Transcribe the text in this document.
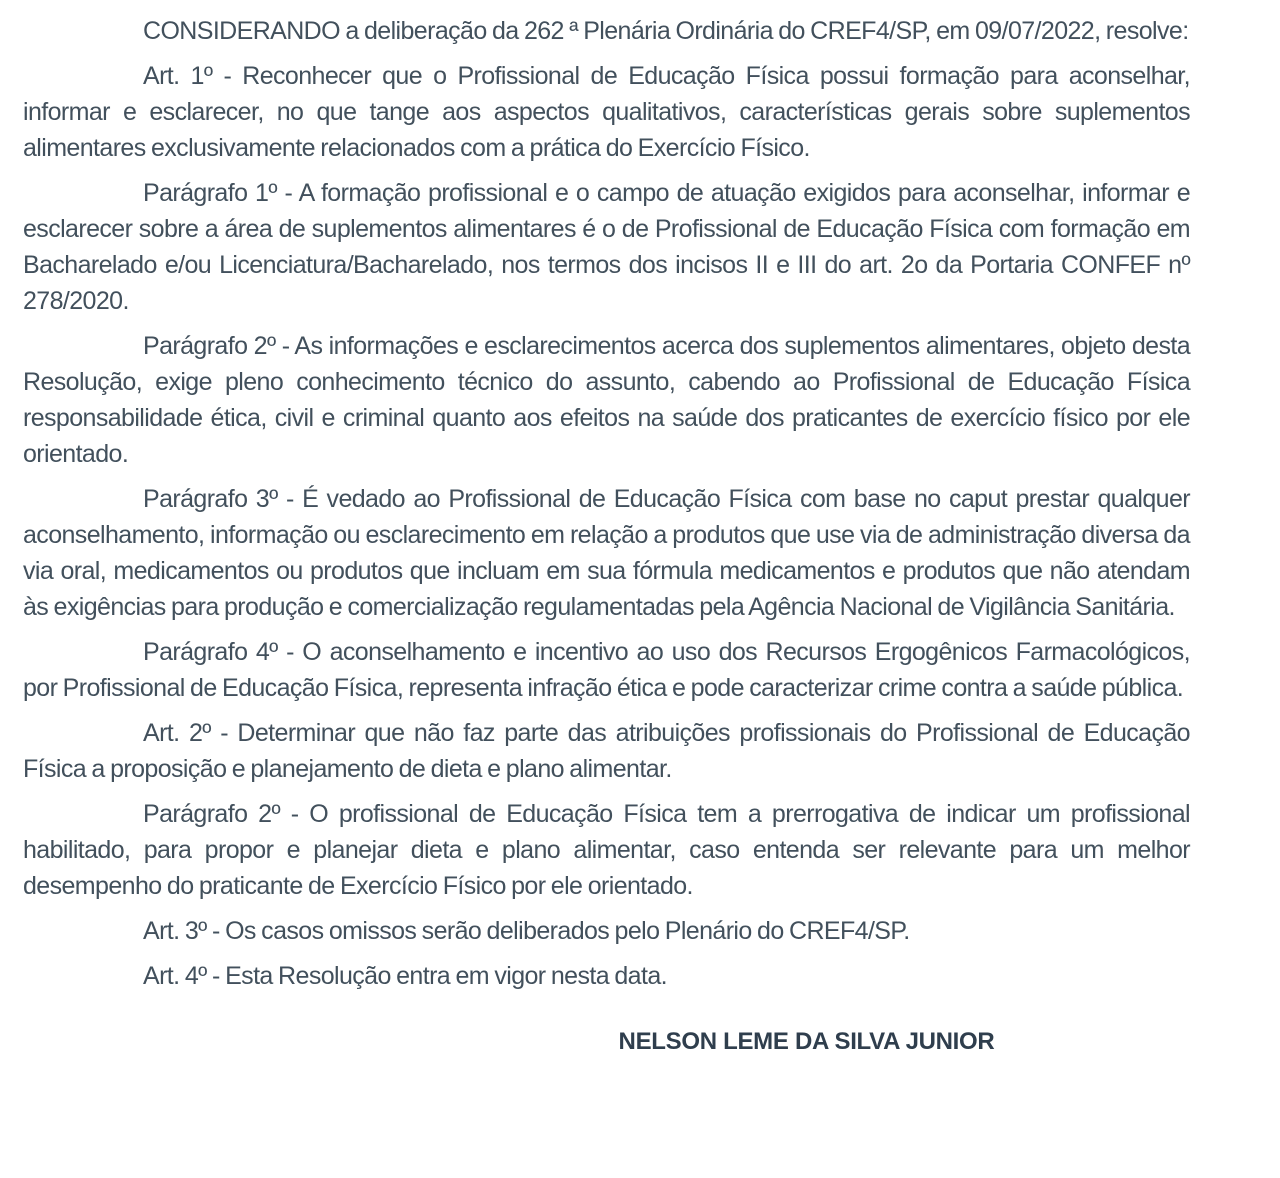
CONSIDERANDO a deliberação da 262 ª Plenária Ordinária do CREF4/SP, em 09/07/2022, resolve:

Art. 1º - Reconhecer que o Profissional de Educação Física possui formação para aconselhar, informar e esclarecer, no que tange aos aspectos qualitativos, características gerais sobre suplementos alimentares exclusivamente relacionados com a prática do Exercício Físico.

Parágrafo 1º - A formação profissional e o campo de atuação exigidos para aconselhar, informar e esclarecer sobre a área de suplementos alimentares é o de Profissional de Educação Física com formação em Bacharelado e/ou Licenciatura/Bacharelado, nos termos dos incisos II e III do art. 2o da Portaria CONFEF nº 278/2020.

Parágrafo 2º - As informações e esclarecimentos acerca dos suplementos alimentares, objeto desta Resolução, exige pleno conhecimento técnico do assunto, cabendo ao Profissional de Educação Física responsabilidade ética, civil e criminal quanto aos efeitos na saúde dos praticantes de exercício físico por ele orientado.

Parágrafo 3º - É vedado ao Profissional de Educação Física com base no caput prestar qualquer aconselhamento, informação ou esclarecimento em relação a produtos que use via de administração diversa da via oral, medicamentos ou produtos que incluam em sua fórmula medicamentos e produtos que não atendam às exigências para produção e comercialização regulamentadas pela Agência Nacional de Vigilância Sanitária.

Parágrafo 4º - O aconselhamento e incentivo ao uso dos Recursos Ergogênicos Farmacológicos, por Profissional de Educação Física, representa infração ética e pode caracterizar crime contra a saúde pública.

Art. 2º - Determinar que não faz parte das atribuições profissionais do Profissional de Educação Física a proposição e planejamento de dieta e plano alimentar.

Parágrafo 2º - O profissional de Educação Física tem a prerrogativa de indicar um profissional habilitado, para propor e planejar dieta e plano alimentar, caso entenda ser relevante para um melhor desempenho do praticante de Exercício Físico por ele orientado.

Art. 3º - Os casos omissos serão deliberados pelo Plenário do CREF4/SP.

Art. 4º - Esta Resolução entra em vigor nesta data.

NELSON LEME DA SILVA JUNIOR
